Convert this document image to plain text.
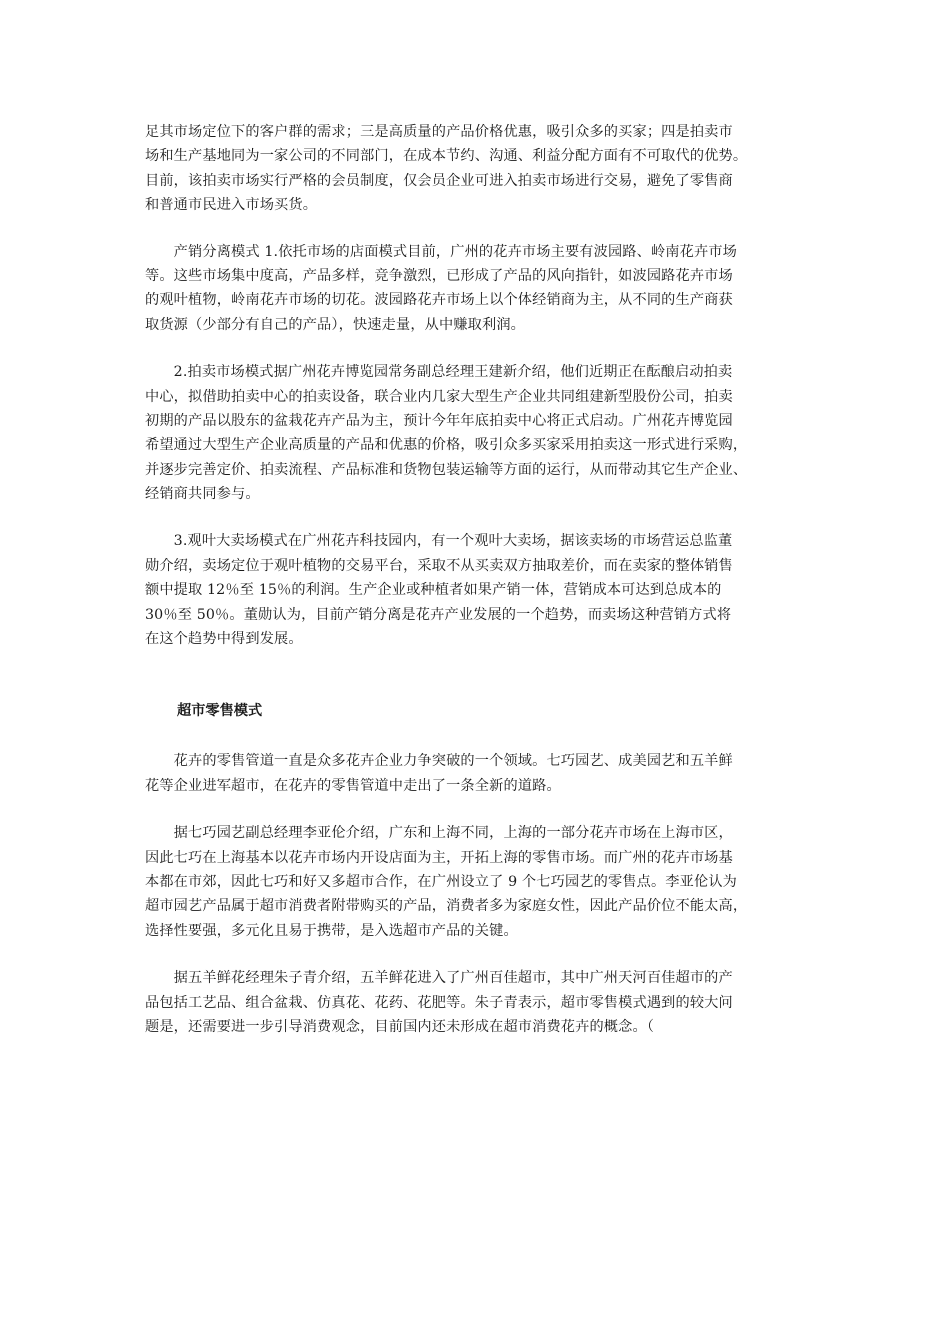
足其市场定位下的客户群的需求；三是高质量的产品价格优惠，吸引众多的买家；四是拍卖市
场和生产基地同为一家公司的不同部门，在成本节约、沟通、利益分配方面有不可取代的优势。
目前，该拍卖市场实行严格的会员制度，仅会员企业可进入拍卖市场进行交易，避免了零售商
和普通市民进入市场买货。
　　产销分离模式 1.依托市场的店面模式目前，广州的花卉市场主要有波园路、岭南花卉市场
等。这些市场集中度高，产品多样，竞争激烈，已形成了产品的风向指针，如波园路花卉市场
的观叶植物，岭南花卉市场的切花。波园路花卉市场上以个体经销商为主，从不同的生产商获
取货源（少部分有自己的产品），快速走量，从中赚取利润。
　　2.拍卖市场模式据广州花卉博览园常务副总经理王建新介绍，他们近期正在酝酿启动拍卖
中心，拟借助拍卖中心的拍卖设备，联合业内几家大型生产企业共同组建新型股份公司，拍卖
初期的产品以股东的盆栽花卉产品为主，预计今年年底拍卖中心将正式启动。广州花卉博览园
希望通过大型生产企业高质量的产品和优惠的价格，吸引众多买家采用拍卖这一形式进行采购，
并逐步完善定价、拍卖流程、产品标准和货物包装运输等方面的运行，从而带动其它生产企业、
经销商共同参与。
　　3.观叶大卖场模式在广州花卉科技园内，有一个观叶大卖场，据该卖场的市场营运总监董
勋介绍，卖场定位于观叶植物的交易平台，采取不从买卖双方抽取差价，而在卖家的整体销售
额中提取 12％至 15％的利润。生产企业或种植者如果产销一体，营销成本可达到总成本的
30％至 50％。董勋认为，目前产销分离是花卉产业发展的一个趋势，而卖场这种营销方式将
在这个趋势中得到发展。
超市零售模式
　　花卉的零售管道一直是众多花卉企业力争突破的一个领域。七巧园艺、成美园艺和五羊鲜
花等企业进军超市，在花卉的零售管道中走出了一条全新的道路。
　　据七巧园艺副总经理李亚伦介绍，广东和上海不同，上海的一部分花卉市场在上海市区，
因此七巧在上海基本以花卉市场内开设店面为主，开拓上海的零售市场。而广州的花卉市场基
本都在市郊，因此七巧和好又多超市合作，在广州设立了 9 个七巧园艺的零售点。李亚伦认为
超市园艺产品属于超市消费者附带购买的产品，消费者多为家庭女性，因此产品价位不能太高，
选择性要强，多元化且易于携带，是入选超市产品的关键。
　　据五羊鲜花经理朱子青介绍，五羊鲜花进入了广州百佳超市，其中广州天河百佳超市的产
品包括工艺品、组合盆栽、仿真花、花药、花肥等。朱子青表示，超市零售模式遇到的较大问
题是，还需要进一步引导消费观念，目前国内还未形成在超市消费花卉的概念。（
